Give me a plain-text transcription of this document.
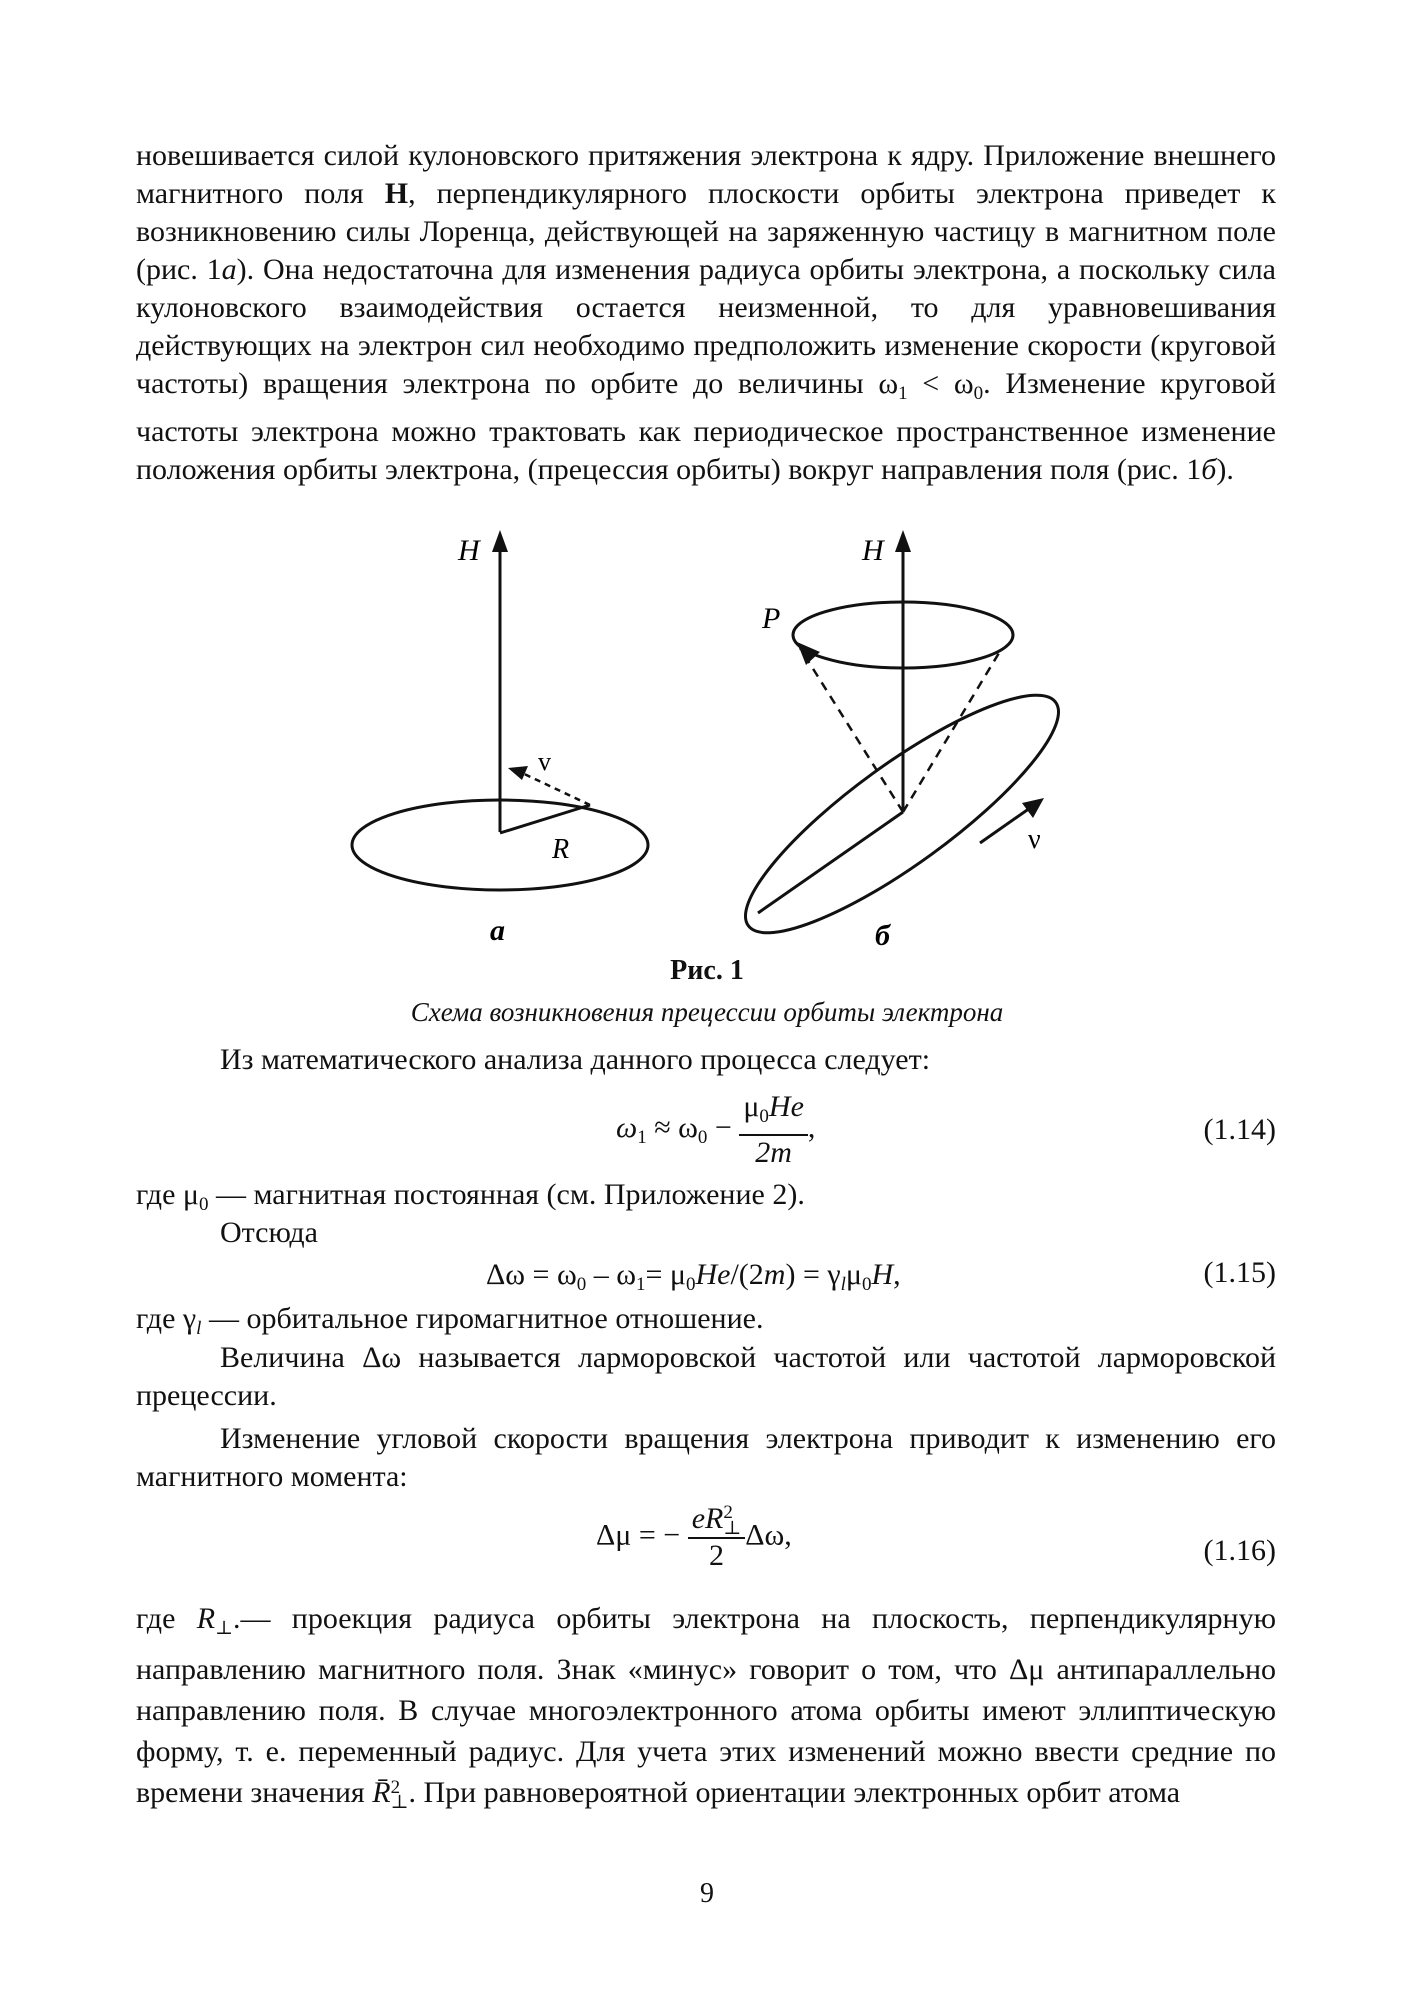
новешивается силой кулоновского притяжения электрона к ядру. Приложение внешнего магнитного поля H, перпендикулярного плоскости орбиты электрона приведет к возникновению силы Лоренца, действующей на заряженную частицу в магнитном поле (рис. 1а). Она недостаточна для изменения радиуса орбиты электрона, а поскольку сила кулоновского взаимодействия остается неизменной, то для уравновешивания действующих на электрон сил необходимо предположить изменение скорости (круговой частоты) вращения электрона по орбите до величины $\omega_1 < \omega_0$. Изменение круговой частоты электрона можно трактовать как периодическое пространственное изменение положения орбиты электрона, (прецессия орбиты) вокруг направления поля (рис. 1б).

H
v
R
а
H
P
ν
б
Рис. 1
Схема возникновения прецессии орбиты электрона
Из математического анализа данного процесса следует:
$\omega_1 \approx \omega_0 - \frac{\mu_0He}{2m}$ ,	(1.14)
где $\mu_0$ — магнитная постоянная (см. Приложение 2).
Отсюда
$\Delta\omega = \omega_0 - \omega_1= \mu_0He/(2m) = \gamma_l\mu_0H$,	(1.15)
где $\gamma_l$ — орбитальное гиромагнитное отношение.

Величина Δω называется ларморовской частотой или частотой ларморовской прецессии.

Изменение угловой скорости вращения электрона приводит к изменению его магнитного момента:

Δμ = − eR 2
⊥
2 Δω,	(1.16)

где $R_\perp.—$ проекция радиуса орбиты электрона на плоскость, перпендикулярную направлению магнитного поля. Знак «минус» говорит о том, что Δμ антипараллельно направлению поля. В случае многоэлектронного атома орбиты имеют эллиптическую форму, т. е. переменный радиус. Для учета этих изменений можно ввести средние по времени значения R̄ 2
⊥ . При равновероятной ориентации электронных орбит атома

9
